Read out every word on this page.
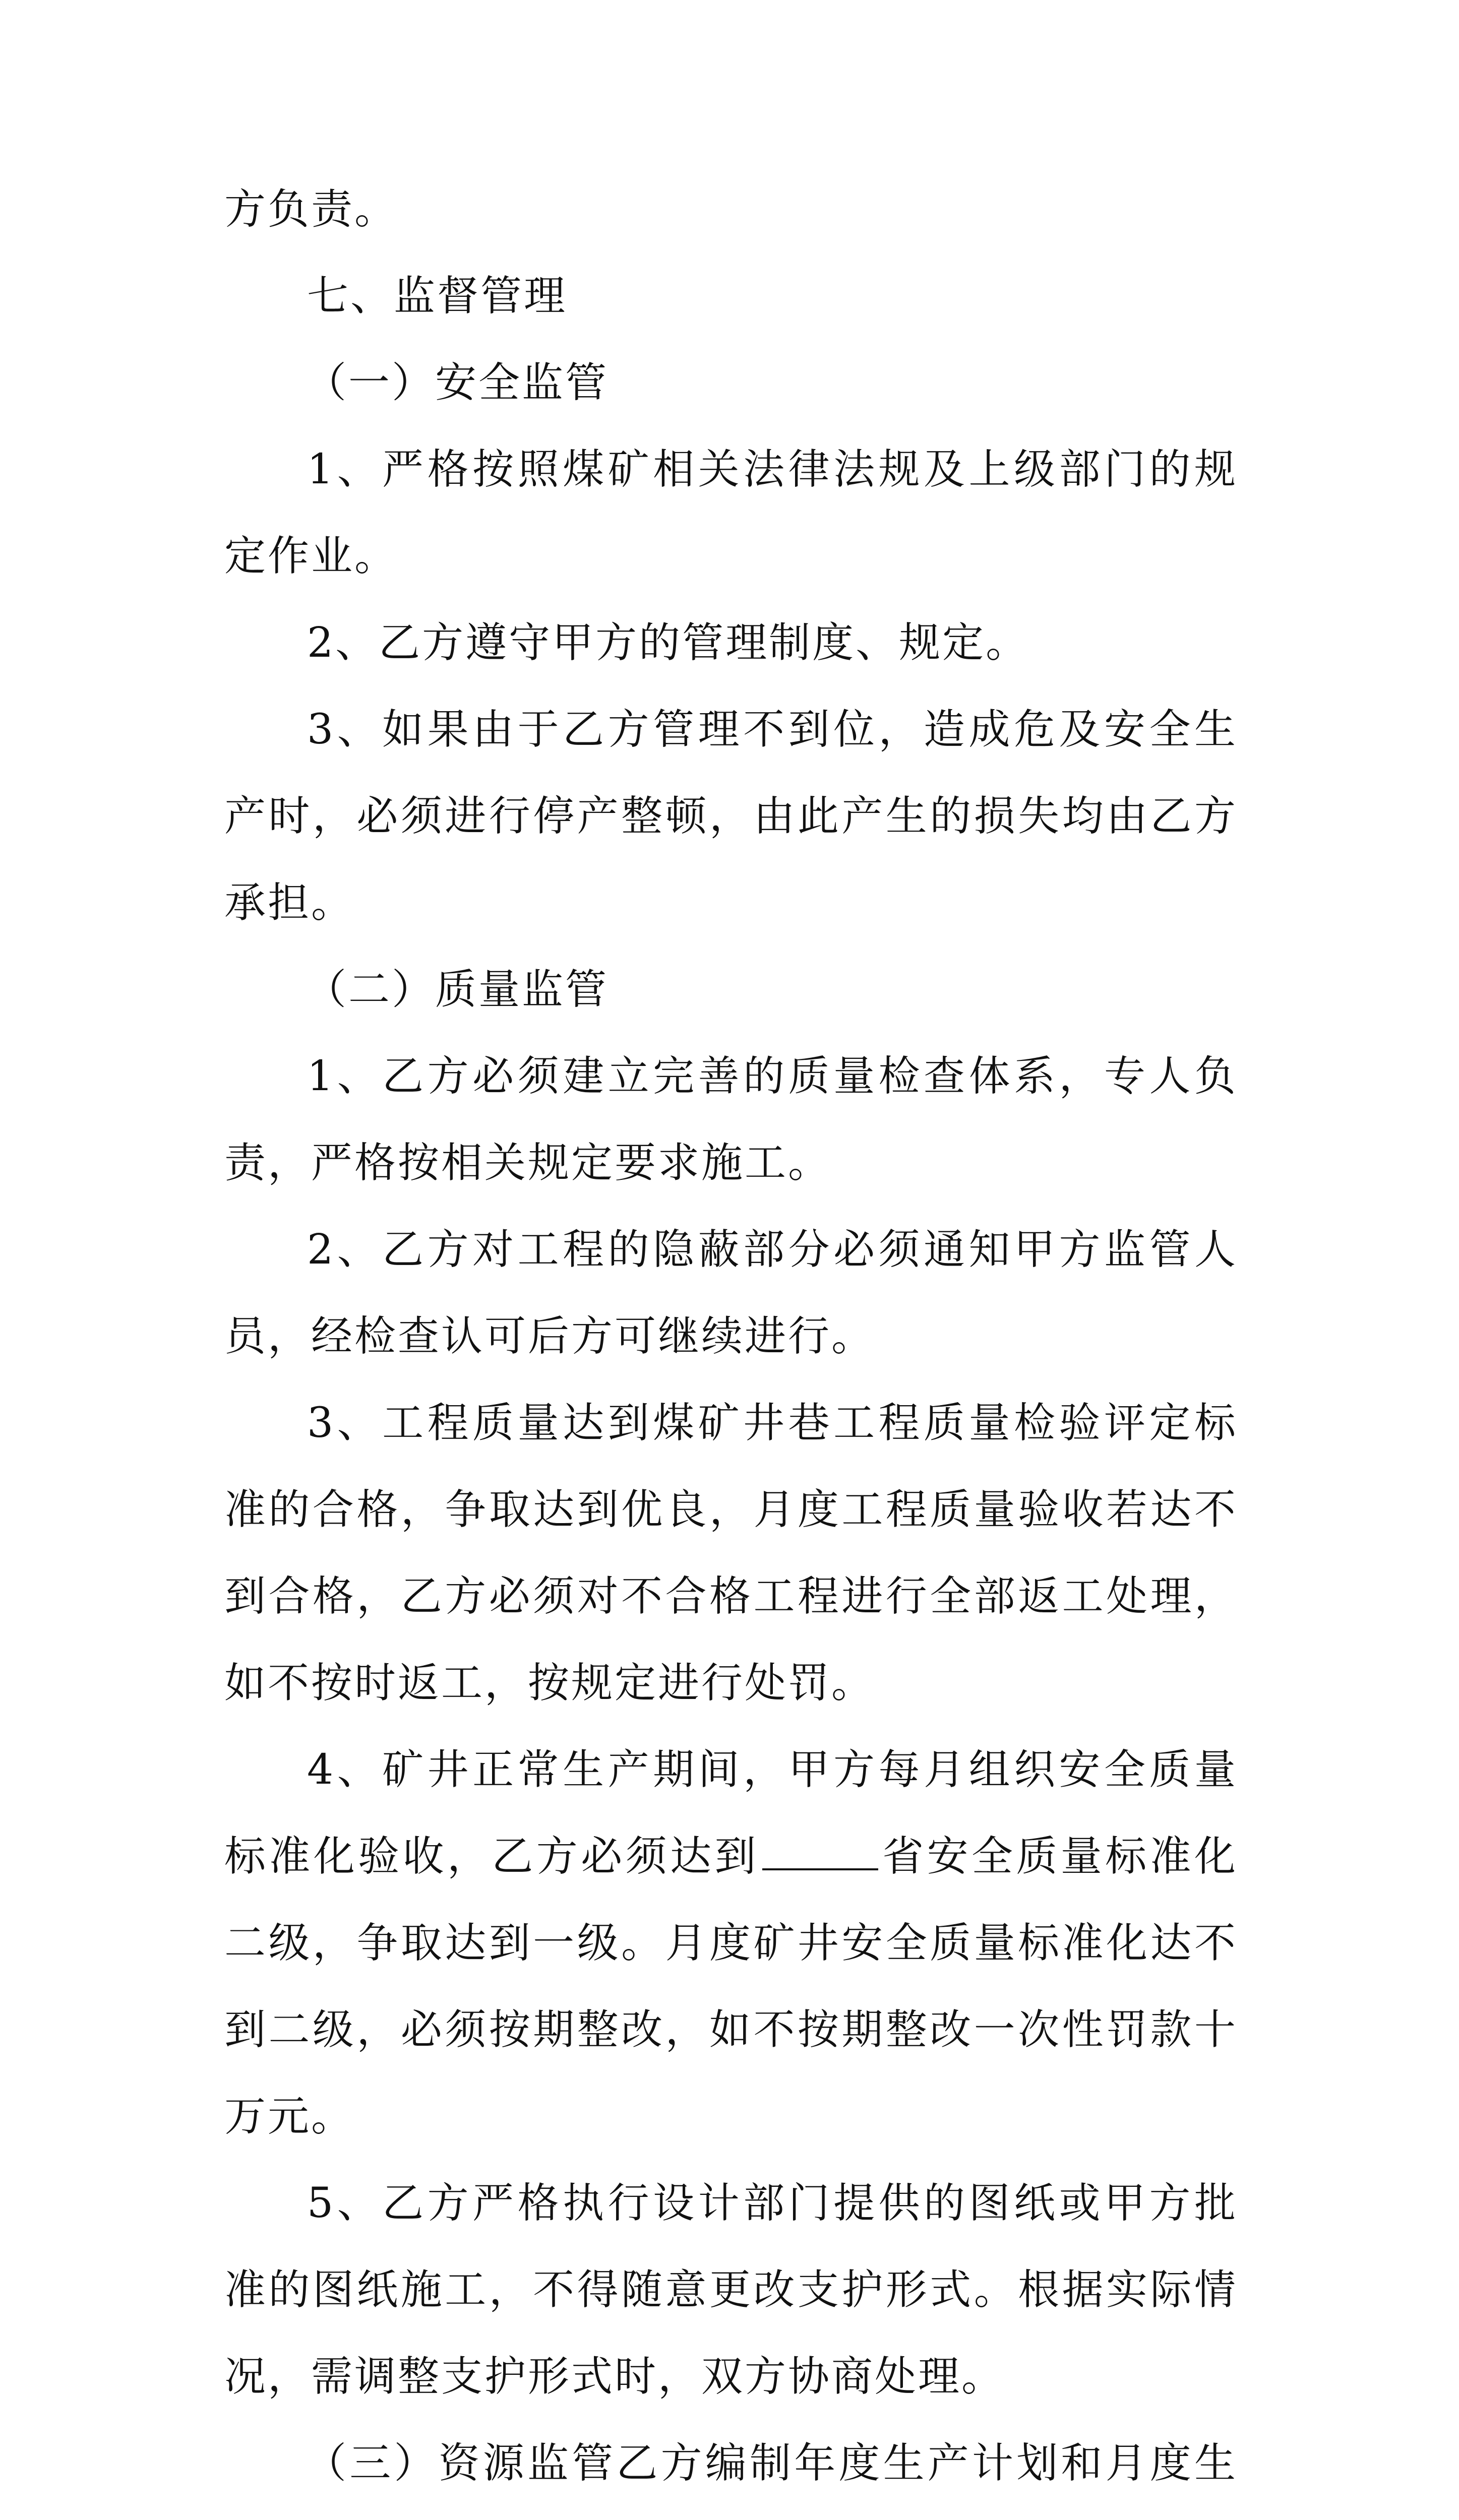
方负责。

七、监督管理

（一）安全监管

1、严格按照煤矿相关法律法规及上级部门的规定作业。

2、乙方遵守甲方的管理制度、规定。

3、如果由于乙方管理不到位，造成危及安全生产时，必须进行停产整顿，由此产生的损失均由乙方承担。

（二）质量监管

1、乙方必须建立完善的质量检查体系，专人负责，严格按相关规定要求施工。

2、乙方对工程的隐蔽部分必须通知甲方监管人员，经检查认可后方可继续进行。

3、工程质量达到煤矿井巷工程质量检验评定标准的合格，争取达到优良，月度工程质量验收若达不到合格，乙方必须对不合格工程进行全部返工处理，如不按时返工，按规定进行处罚。

4、矿井正常生产期间，甲方每月组织安全质量标准化验收，乙方必须达到	省安全质量标准化二级，争取达到一级。月度矿井安全质量标准化达不到二级，必须按期整改，如不按期整改一次性罚款十万元。

5、乙方严格执行设计部门提供的图纸或甲方批准的图纸施工，不得随意更改支护形式。根据实际情况，需调整支护形式时，双方协商处理。

（三）资源监管乙方编制年度生产计划和月度生
